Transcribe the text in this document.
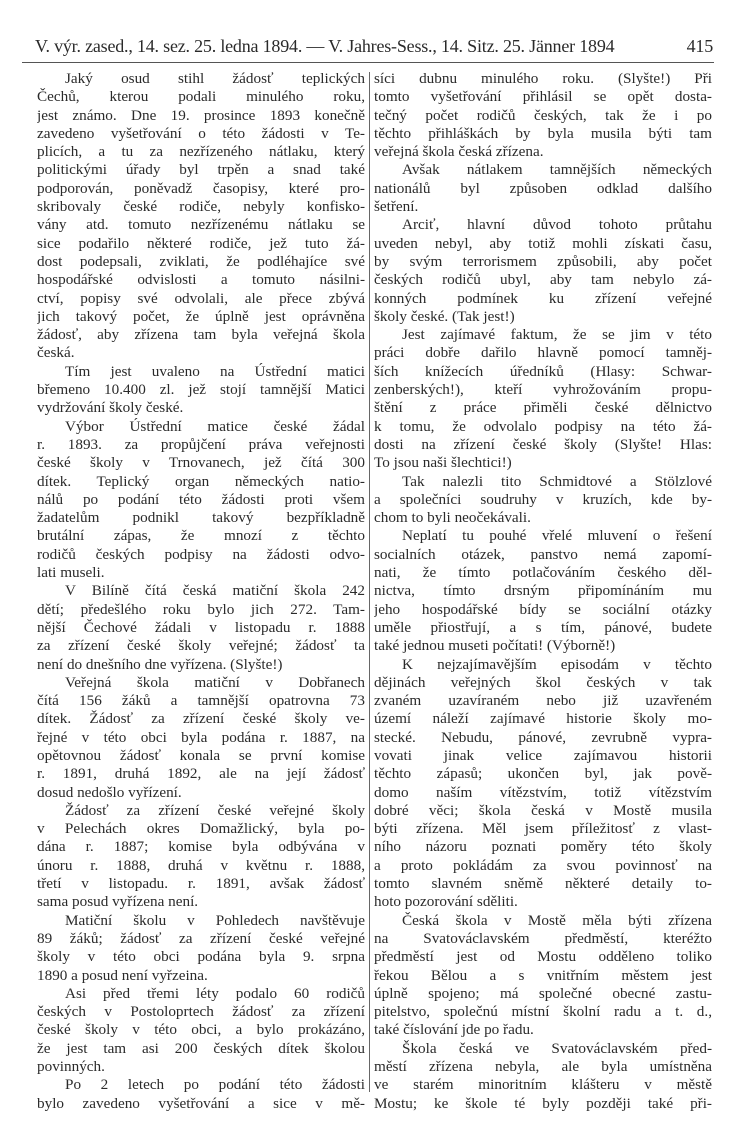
V. výr. zased., 14. sez. 25. ledna 1894. — V. Jahres-Sess., 14. Sitz. 25. Jänner 1894	415
Jaký osud stihl žádosť teplických
Čechů, kterou podali minulého roku,
jest známo. Dne 19. prosince 1893 konečně
zavedeno vyšetřování o této žádosti v Te-
plicích, a tu za nezřízeného nátlaku, který
politickými úřady byl trpěn a snad také
podporován, poněvadž časopisy, které pro-
skribovaly české rodiče, nebyly konfisko-
vány atd. tomuto nezřízenému nátlaku se
sice podařilo některé rodiče, jež tuto žá-
dost podepsali, zviklati, že podléhajíce své
hospodářské odvislosti a tomuto násilni-
ctví, popisy své odvolali, ale přece zbývá
jich takový počet, že úplně jest oprávněna
žádosť, aby zřízena tam byla veřejná škola
česká.
Tím jest uvaleno na Ústřední matici
břemeno 10.400 zl. jež stojí tamnější Matici
vydržování školy české.
Výbor Ústřední matice české žádal
r. 1893. za propůjčení práva veřejnosti
české školy v Trnovanech, jež čítá 300
dítek. Teplický organ německých natio-
nálů po podání této žádosti proti všem
žadatelům podnikl takový bezpříkladně
brutální zápas, že mnozí z těchto
rodičů českých podpisy na žádosti odvo-
lati museli.
V Bilíně čítá česká matiční škola 242
dětí; předešlého roku bylo jich 272. Tam-
nější Čechové žádali v listopadu r. 1888
za zřízení české školy veřejné; žádosť ta
není do dnešního dne vyřízena. (Slyšte!)
Veřejná škola matiční v Dobřanech
čítá 156 žáků a tamnější opatrovna 73
dítek. Žádosť za zřízení české školy ve-
řejné v této obci byla podána r. 1887, na
opětovnou žádosť konala se první komise
r. 1891, druhá 1892, ale na její žádosť
dosud nedošlo vyřízení.
Žádosť za zřízení české veřejné školy
v Pelechách okres Domažlický, byla po-
dána r. 1887; komise byla odbývána v
únoru r. 1888, druhá v květnu r. 1888,
třetí v listopadu. r. 1891, avšak žádosť
sama posud vyřízena není.
Matiční školu v Pohledech navštěvuje
89 žáků; žádosť za zřízení české veřejné
školy v této obci podána byla 9. srpna
1890 a posud není vyřzeina.
Asi před třemi léty podalo 60 rodičů
českých v Postoloprtech žádosť za zřízení
české školy v této obci, a bylo prokázáno,
že jest tam asi 200 českých dítek školou
povinných.
Po 2 letech po podání této žádosti
bylo zavedeno vyšetřování a sice v mě-
síci dubnu minulého roku. (Slyšte!) Při
tomto vyšetřování přihlásil se opět dosta-
tečný počet rodičů českých, tak že i po
těchto přihláškách by byla musila býti tam
veřejná škola česká zřízena.
Avšak nátlakem tamnějších německých
nationálů byl způsoben odklad dalšího
šetření.
Arciť, hlavní důvod tohoto průtahu
uveden nebyl, aby totiž mohli získati času,
by svým terrorismem způsobili, aby počet
českých rodičů ubyl, aby tam nebylo zá-
konných podmínek ku zřízení veřejné
školy české. (Tak jest!)
Jest zajímavé faktum, že se jim v této
práci dobře dařilo hlavně pomocí tamněj-
ších knížecích úředníků (Hlasy: Schwar-
zenberských!), kteří vyhrožováním propu-
štění z práce přiměli české dělnictvo
k tomu, že odvolalo podpisy na této žá-
dosti na zřízení české školy (Slyšte! Hlas:
To jsou naši šlechtici!)
Tak nalezli tito Schmidtové a Stölzlové
a společníci soudruhy v kruzích, kde by-
chom to byli neočekávali.
Neplatí tu pouhé vřelé mluvení o řešení
socialních otázek, panstvo nemá zapomí-
nati, že tímto potlačováním českého děl-
nictva, tímto drsným připomínáním mu
jeho hospodářské bídy se sociální otázky
uměle přiostřují, a s tím, pánové, budete
také jednou museti počítati! (Výborně!)
K nejzajímavějším episodám v těchto
dějinách veřejných škol českých v tak
zvaném uzavíraném nebo již uzavřeném
území náleží zajímavé historie školy mo-
stecké. Nebudu, pánové, zevrubně vypra-
vovati jinak velice zajímavou historii
těchto zápasů; ukončen byl, jak pově-
domo naším vítězstvím, totiž vítězstvím
dobré věci; škola česká v Mostě musila
býti zřízena. Měl jsem příležitosť z vlast-
ního názoru poznati poměry této školy
a proto pokládám za svou povinnosť na
tomto slavném sněmě některé detaily to-
hoto pozorování sděliti.
Česká škola v Mostě měla býti zřízena
na Svatováclavském předměstí, kteréžto
předměstí jest od Mostu odděleno toliko
řekou Bělou a s vnitřním městem jest
úplně spojeno; má společné obecné zastu-
pitelstvo, společnú místní školní radu a t. d.,
také číslování jde po řadu.
Škola česká ve Svatováclavském před-
městí zřízena nebyla, ale byla umístněna
ve starém minoritním klášteru v městě
Mostu; ke škole té byly později také při-
